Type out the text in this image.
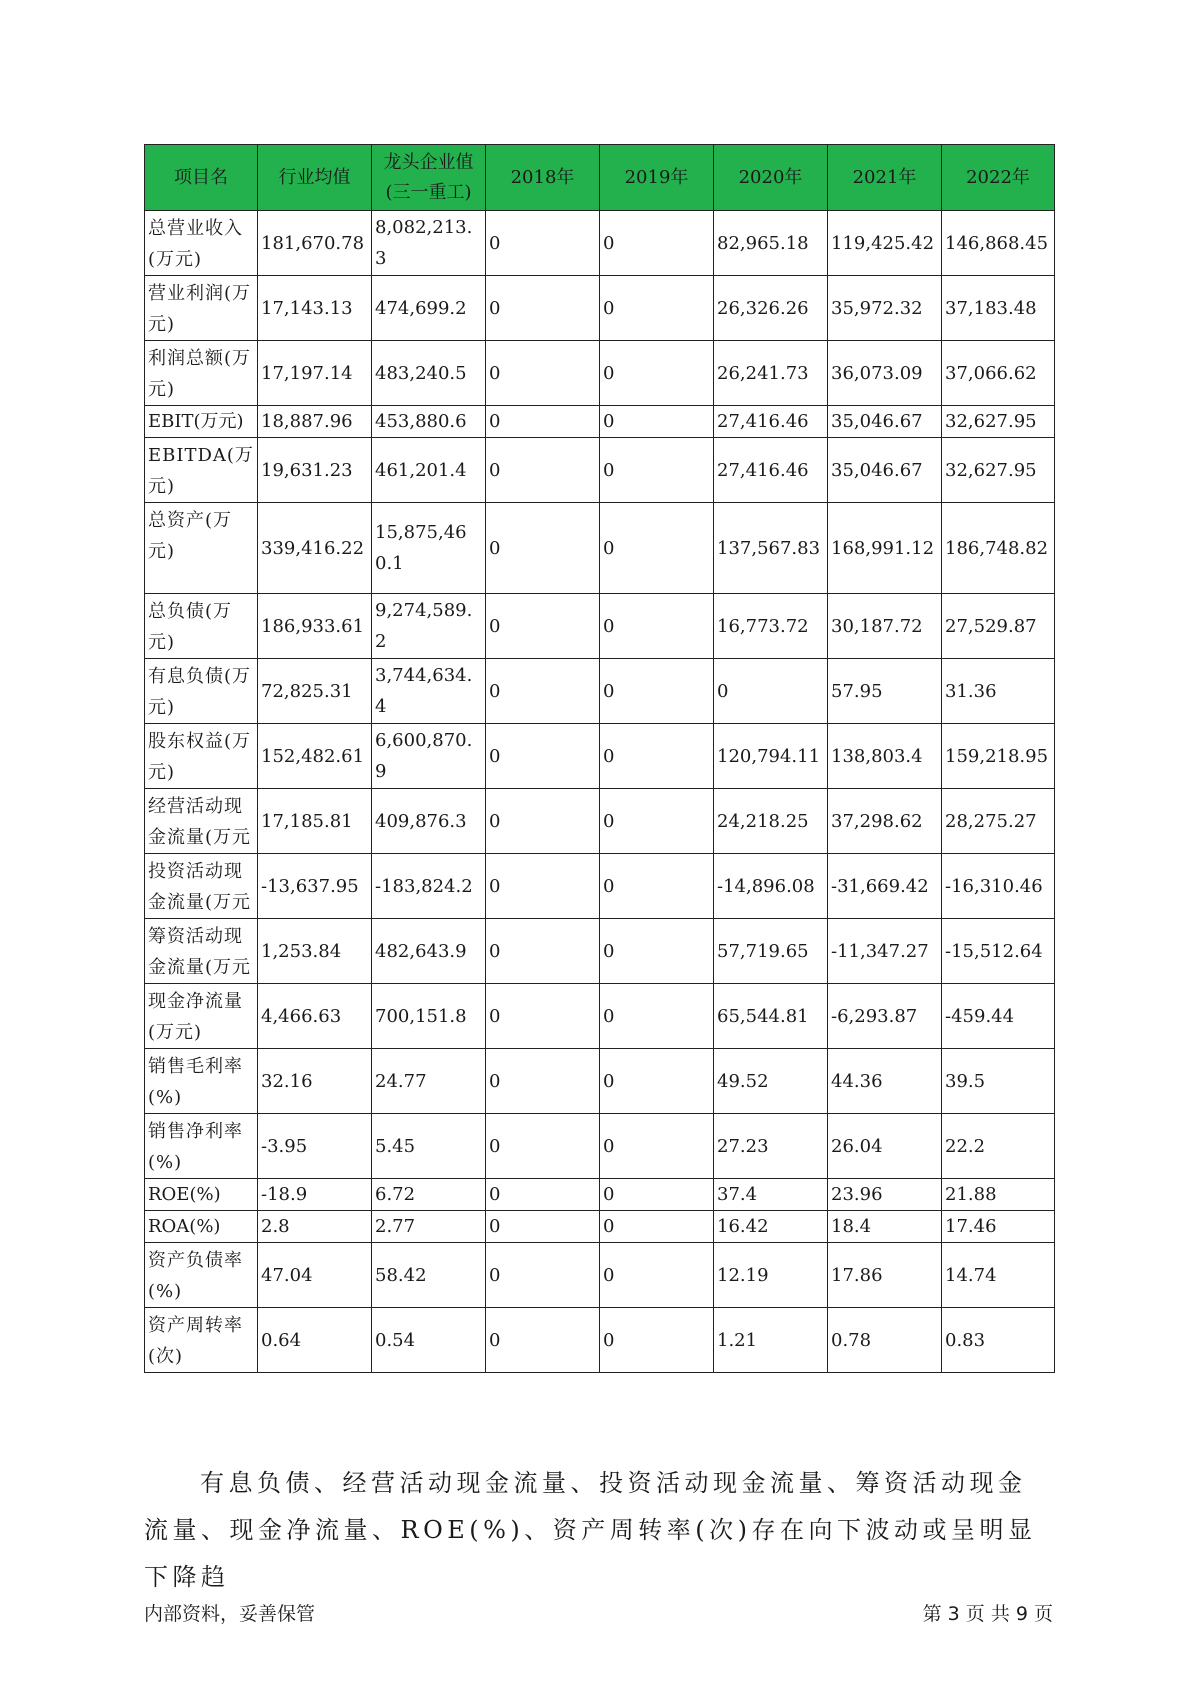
项目名	行业均值	龙头企业值(三一重工)	2018年	2019年	2020年	2021年	2022年
总营业收入(万元)	181,670.78	8,082,213.3	0	0	82,965.18	119,425.42	146,868.45
营业利润(万元)	17,143.13	474,699.2	0	0	26,326.26	35,972.32	37,183.48
利润总额(万元)	17,197.14	483,240.5	0	0	26,241.73	36,073.09	37,066.62
EBIT(万元)	18,887.96	453,880.6	0	0	27,416.46	35,046.67	32,627.95
EBITDA(万元)	19,631.23	461,201.4	0	0	27,416.46	35,046.67	32,627.95
总资产(万元)	339,416.22	15,875,460.1	0	0	137,567.83	168,991.12	186,748.82
总负债(万元)	186,933.61	9,274,589.2	0	0	16,773.72	30,187.72	27,529.87
有息负债(万元)	72,825.31	3,744,634.4	0	0	0	57.95	31.36
股东权益(万元)	152,482.61	6,600,870.9	0	0	120,794.11	138,803.4	159,218.95
经营活动现金流量(万元	17,185.81	409,876.3	0	0	24,218.25	37,298.62	28,275.27
投资活动现金流量(万元	-13,637.95	-183,824.2	0	0	-14,896.08	-31,669.42	-16,310.46
筹资活动现金流量(万元	1,253.84	482,643.9	0	0	57,719.65	-11,347.27	-15,512.64
现金净流量(万元)	4,466.63	700,151.8	0	0	65,544.81	-6,293.87	-459.44
销售毛利率(%)	32.16	24.77	0	0	49.52	44.36	39.5
销售净利率(%)	-3.95	5.45	0	0	27.23	26.04	22.2
ROE(%)	-18.9	6.72	0	0	37.4	23.96	21.88
ROA(%)	2.8	2.77	0	0	16.42	18.4	17.46
资产负债率(%)	47.04	58.42	0	0	12.19	17.86	14.74
资产周转率(次)	0.64	0.54	0	0	1.21	0.78	0.83

有息负债、经营活动现金流量、投资活动现金流量、筹资活动现金流量、现金净流量、ROE(%)、资产周转率(次)存在向下波动或呈明显下降趋

内部资料，妥善保管	第 3 页 共 9 页
